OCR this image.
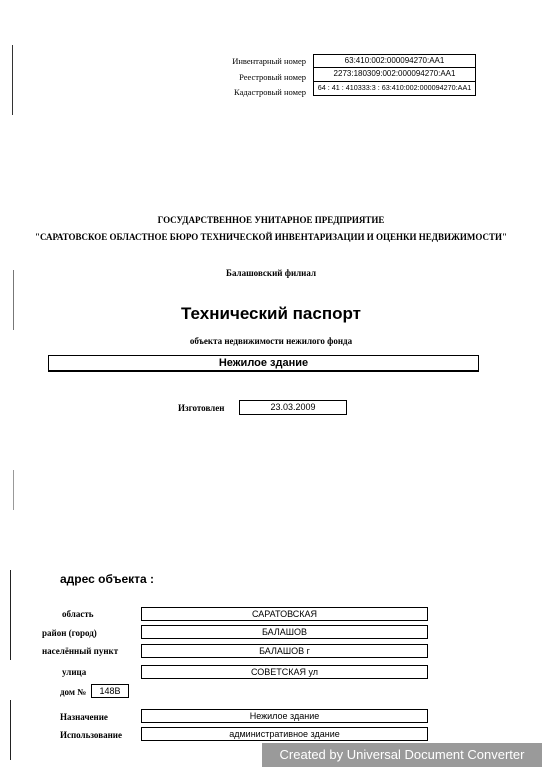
Инвентарный номер	63:410:002:000094270:АА1
Реестровый номер	2273:180309:002:000094270:АА1
Кадастровый номер	64 : 41 : 410333:3 : 63:410:002:000094270:АА1
ГОСУДАРСТВЕННОЕ УНИТАРНОЕ ПРЕДПРИЯТИЕ
"САРАТОВСКОЕ ОБЛАСТНОЕ БЮРО ТЕХНИЧЕСКОЙ ИНВЕНТАРИЗАЦИИ И ОЦЕНКИ НЕДВИЖИМОСТИ"
Балашовский филиал
Технический паспорт
объекта недвижимости нежилого фонда
Нежилое здание
Изготовлен	23.03.2009
адрес объекта :
область	САРАТОВСКАЯ
район (город)	БАЛАШОВ
населённый пункт	БАЛАШОВ г
улица	СОВЕТСКАЯ ул
дом №	148В
Назначение	Нежилое здание
Использование	административное здание
Created by Universal Document Converter
